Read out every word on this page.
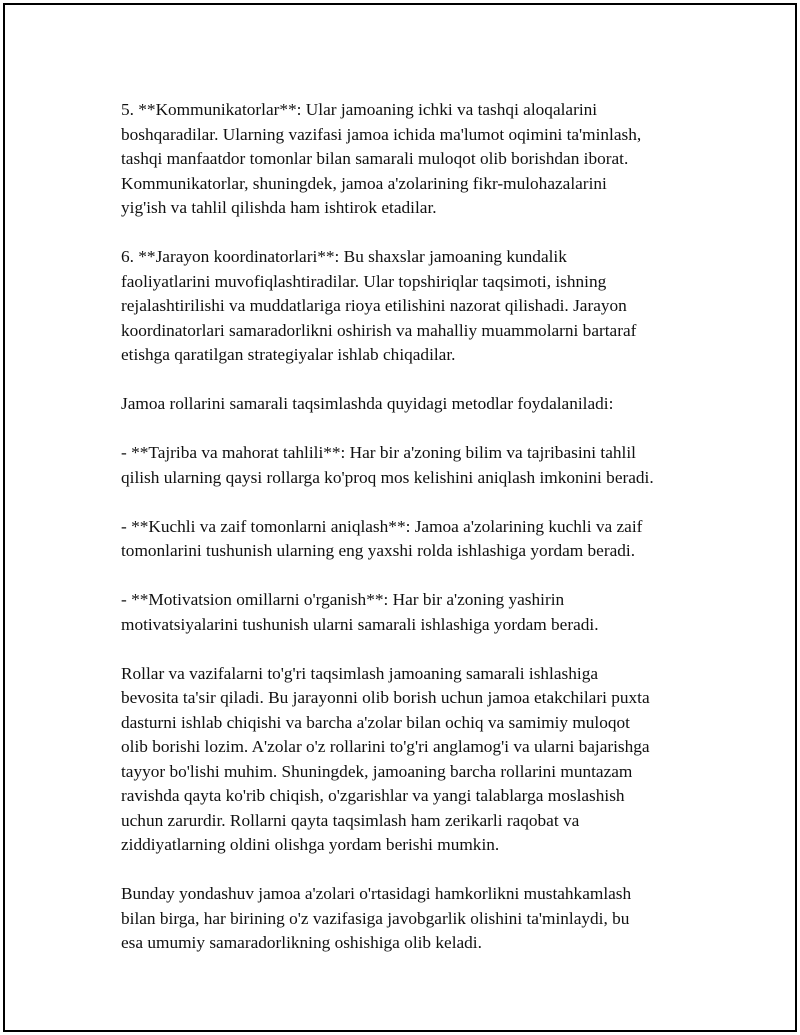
5. **Kommunikatorlar**: Ular jamoaning ichki va tashqi aloqalarini
boshqaradilar. Ularning vazifasi jamoa ichida ma'lumot oqimini ta'minlash,
tashqi manfaatdor tomonlar bilan samarali muloqot olib borishdan iborat.
Kommunikatorlar, shuningdek, jamoa a'zolarining fikr-mulohazalarini
yig'ish va tahlil qilishda ham ishtirok etadilar.

6. **Jarayon koordinatorlari**: Bu shaxslar jamoaning kundalik
faoliyatlarini muvofiqlashtiradilar. Ular topshiriqlar taqsimoti, ishning
rejalashtirilishi va muddatlariga rioya etilishini nazorat qilishadi. Jarayon
koordinatorlari samaradorlikni oshirish va mahalliy muammolarni bartaraf
etishga qaratilgan strategiyalar ishlab chiqadilar.

Jamoa rollarini samarali taqsimlashda quyidagi metodlar foydalaniladi:

- **Tajriba va mahorat tahlili**: Har bir a'zoning bilim va tajribasini tahlil
qilish ularning qaysi rollarga ko'proq mos kelishini aniqlash imkonini beradi.

- **Kuchli va zaif tomonlarni aniqlash**: Jamoa a'zolarining kuchli va zaif
tomonlarini tushunish ularning eng yaxshi rolda ishlashiga yordam beradi.

- **Motivatsion omillarni o'rganish**: Har bir a'zoning yashirin
motivatsiyalarini tushunish ularni samarali ishlashiga yordam beradi.

Rollar va vazifalarni to'g'ri taqsimlash jamoaning samarali ishlashiga
bevosita ta'sir qiladi. Bu jarayonni olib borish uchun jamoa etakchilari puxta
dasturni ishlab chiqishi va barcha a'zolar bilan ochiq va samimiy muloqot
olib borishi lozim. A'zolar o'z rollarini to'g'ri anglamog'i va ularni bajarishga
tayyor bo'lishi muhim. Shuningdek, jamoaning barcha rollarini muntazam
ravishda qayta ko'rib chiqish, o'zgarishlar va yangi talablarga moslashish
uchun zarurdir. Rollarni qayta taqsimlash ham zerikarli raqobat va
ziddiyatlarning oldini olishga yordam berishi mumkin.

Bunday yondashuv jamoa a'zolari o'rtasidagi hamkorlikni mustahkamlash
bilan birga, har birining o'z vazifasiga javobgarlik olishini ta'minlaydi, bu
esa umumiy samaradorlikning oshishiga olib keladi.
